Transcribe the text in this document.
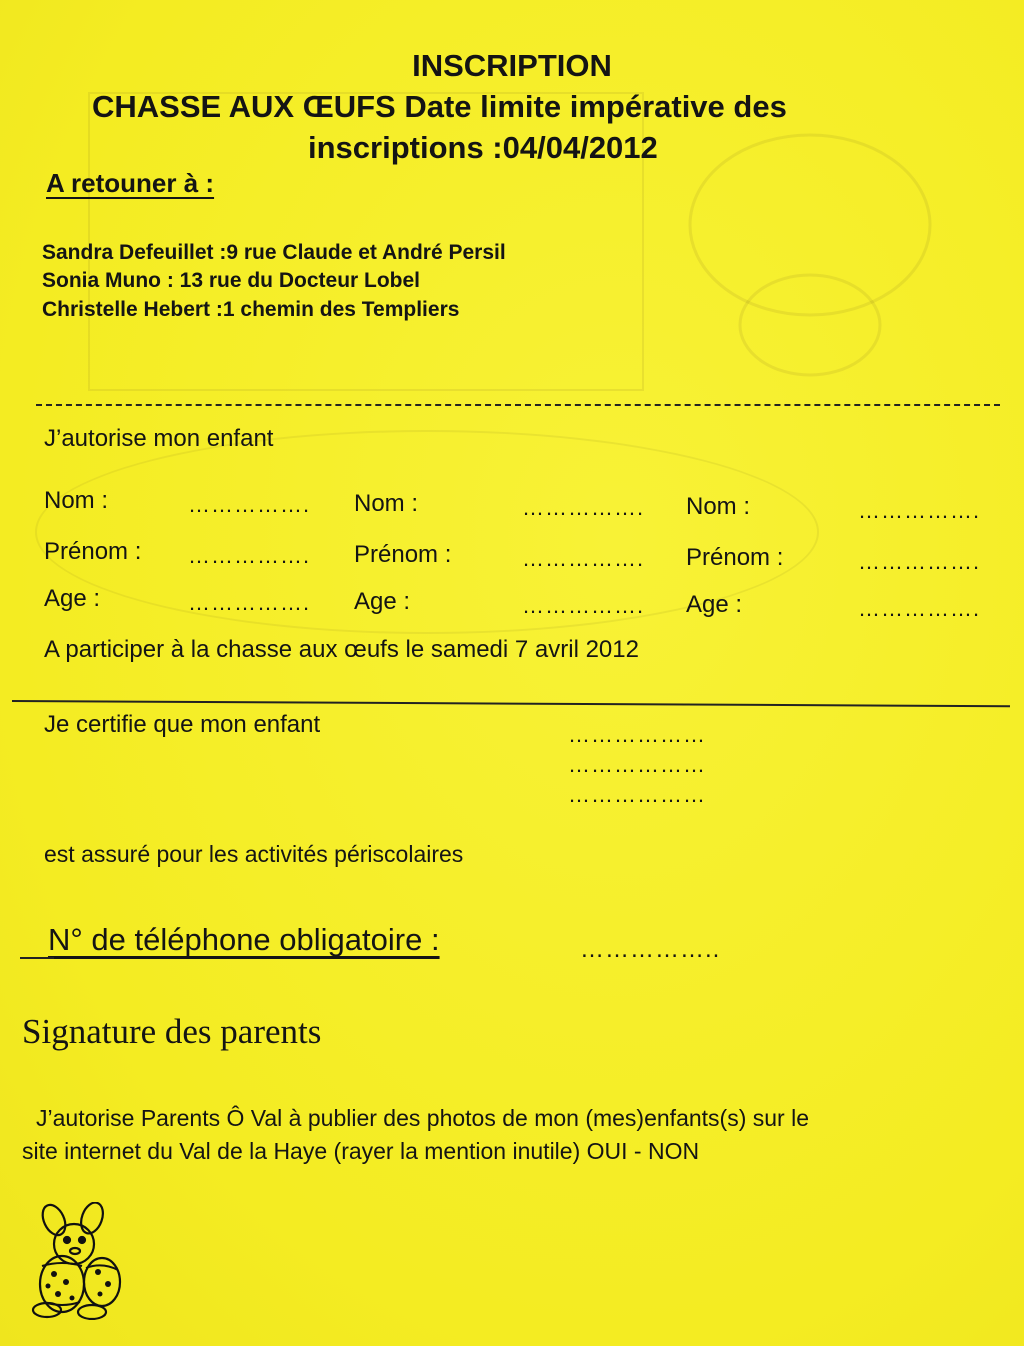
INSCRIPTION
CHASSE AUX ŒUFS Date limite impérative des
inscriptions :04/04/2012
A retouner à :
Sandra Defeuillet :9 rue Claude et André Persil
Sonia Muno : 13 rue du Docteur Lobel
Christelle Hebert :1 chemin des Templiers
J’autorise mon enfant
Nom :	……………. Nom :	……………. Nom :	…………….
Prénom : ……………. Prénom :	……………. Prénom :	…………….
Age :	……………. Age :	……………. Age :	…………….
A participer à la chasse aux œufs le samedi 7 avril 2012
Je certifie que mon enfant	………………
………………
………………
est assuré pour les activités périscolaires
N° de téléphone obligatoire :	……………..
Signature des parents
J’autorise Parents Ô Val à publier des photos de mon (mes)enfants(s) sur le
site internet du Val de la Haye (rayer la mention inutile) OUI - NON
